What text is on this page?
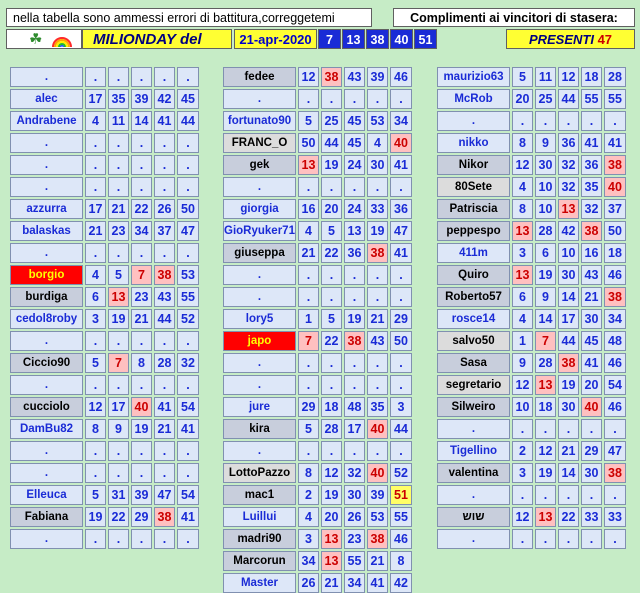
nella tabella sono ammessi errori di battitura,correggetemi	Complimenti ai vincitori di stasera:
☘	MILIONDAY del	21-apr-2020	7	13 38 40 51	PRESENTI 47
.	.	.	.	.	.
alec	17 35 39 42 45
Andrabene	4	11 14 41 44
.	.	.	.	.	.
.	.	.	.	.	.
.	.	.	.	.	.
azzurra	17 21 22 26 50
balaskas	21 23 34 37 47
.	.	.	.	.	.
borgio	4	5	7	38 53
burdiga	6	13 23 43 55
cedol8roby	3	19 21 44 52
.	.	.	.	.	.
Ciccio90	5	7	8	28 32
.	.	.	.	.	.
cucciolo	12 17 40 41 54
DamBu82	8	9	19 21 41
.	.	.	.	.	.
.	.	.	.	.	.
Elleuca	5	31 39 47 54
Fabiana	19 22 29 38 41
.	.	.	.	.	.
fedee	12 38 43 39 46
.	.	.	.	.	.
fortunato90	5	25 45 53 34
FRANC_O	50 44 45	4	40
gek	13 19 24 30 41
.	.	.	.	.	.
giorgia	16 20 24 33 36
GioRyuker71 4	5	13 19 47
giuseppa	21 22 36 38 41
.	.	.	.	.	.
.	.	.	.	.	.
lory5	1	5	19 21 29
japo	7	22 38 43 50
.	.	.	.	.	.
.	.	.	.	.	.
jure	29 18 48 35	3
kira	5	28 17 40 44
.	.	.	.	.	.
LottoPazzo	8	12 32 40 52
mac1	2	19 30 39 51
Luillui	4	20 26 53 55
madri90	3	13 23 38 46
Marcorun	34 13 55 21	8
Master	26 21 34 41 42
maurizio63	5	11 12 18 28
McRob	20 25 44 55 55
.	.	.	.	.	.
nikko	8	9	36 41 41
Nikor	12 30 32 36 38
80Sete	4	10 32 35 40
Patriscia	8	10 13 32 37
peppespo	13 28 42 38 50
411m	3	6	10 16 18
Quiro	13 19 30 43 46
Roberto57	6	9	14 21 38
rosce14	4	14 17 30 34
salvo50	1	7	44 45 48
Sasa	9	28 38 41 46
segretario	12 13 19 20 54
Silweiro	10 18 30 40 46
.	.	.	.	.	.
Tigellino	2	12 21 29 47
valentina	3	19 14 30 38
.	.	.	.	.	.
שוש	12 13 22 33 33
.	.	.	.	.	.
